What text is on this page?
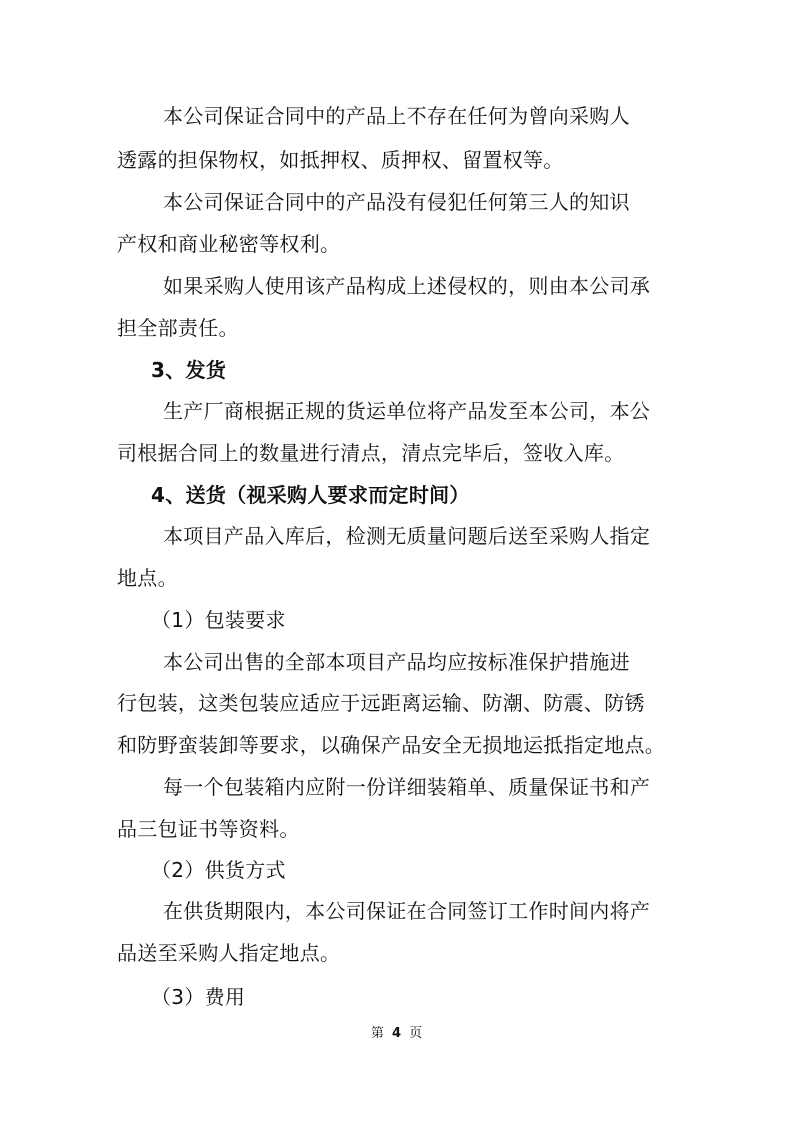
本公司保证合同中的产品上不存在任何为曾向采购人
透露的担保物权，如抵押权、质押权、留置权等。
本公司保证合同中的产品没有侵犯任何第三人的知识
产权和商业秘密等权利。
如果采购人使用该产品构成上述侵权的，则由本公司承
担全部责任。
3、发货
生产厂商根据正规的货运单位将产品发至本公司，本公
司根据合同上的数量进行清点，清点完毕后，签收入库。
4、送货（视采购人要求而定时间）
本项目产品入库后，检测无质量问题后送至采购人指定
地点。
（1）包装要求
本公司出售的全部本项目产品均应按标准保护措施进
行包装，这类包装应适应于远距离运输、防潮、防震、防锈
和防野蛮装卸等要求，以确保产品安全无损地运抵指定地点。
每一个包装箱内应附一份详细装箱单、质量保证书和产
品三包证书等资料。
（2）供货方式
在供货期限内，本公司保证在合同签订工作时间内将产
品送至采购人指定地点。
（3）费用
第 4 页
